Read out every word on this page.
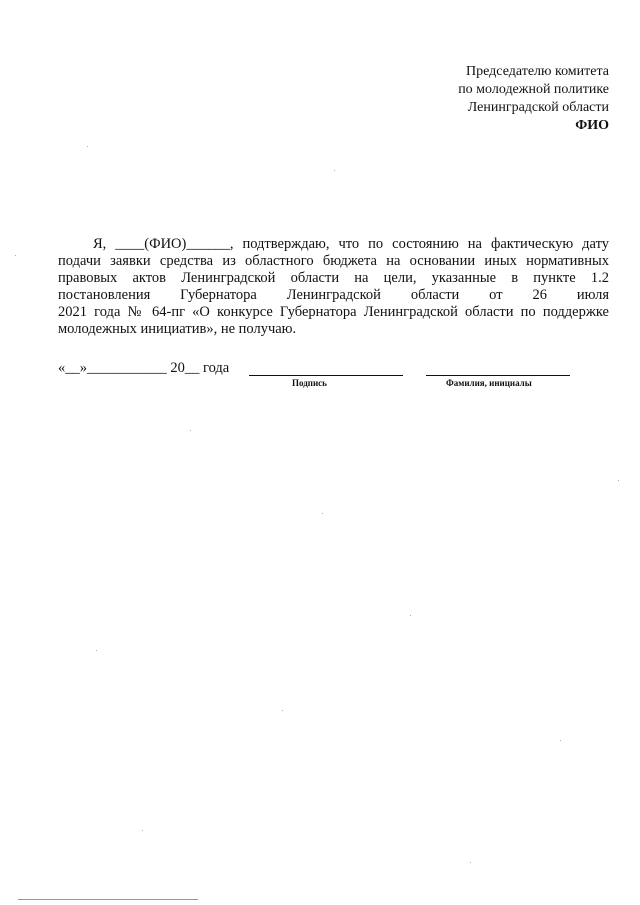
Председателю комитета
по молодежной политике
Ленинградской области
ФИО
Я, ____(ФИО)______, подтверждаю, что по состоянию на фактическую дату
подачи заявки средства из областного бюджета на основании иных нормативных
правовых актов Ленинградской области на цели, указанные в пункте 1.2
постановления Губернатора Ленинградской области от 26 июля
2021 года № 64-пг «О конкурсе Губернатора Ленинградской области по поддержке
молодежных инициатив», не получаю.
«__»___________ 20__ года
Подпись	Фамилия, инициалы
